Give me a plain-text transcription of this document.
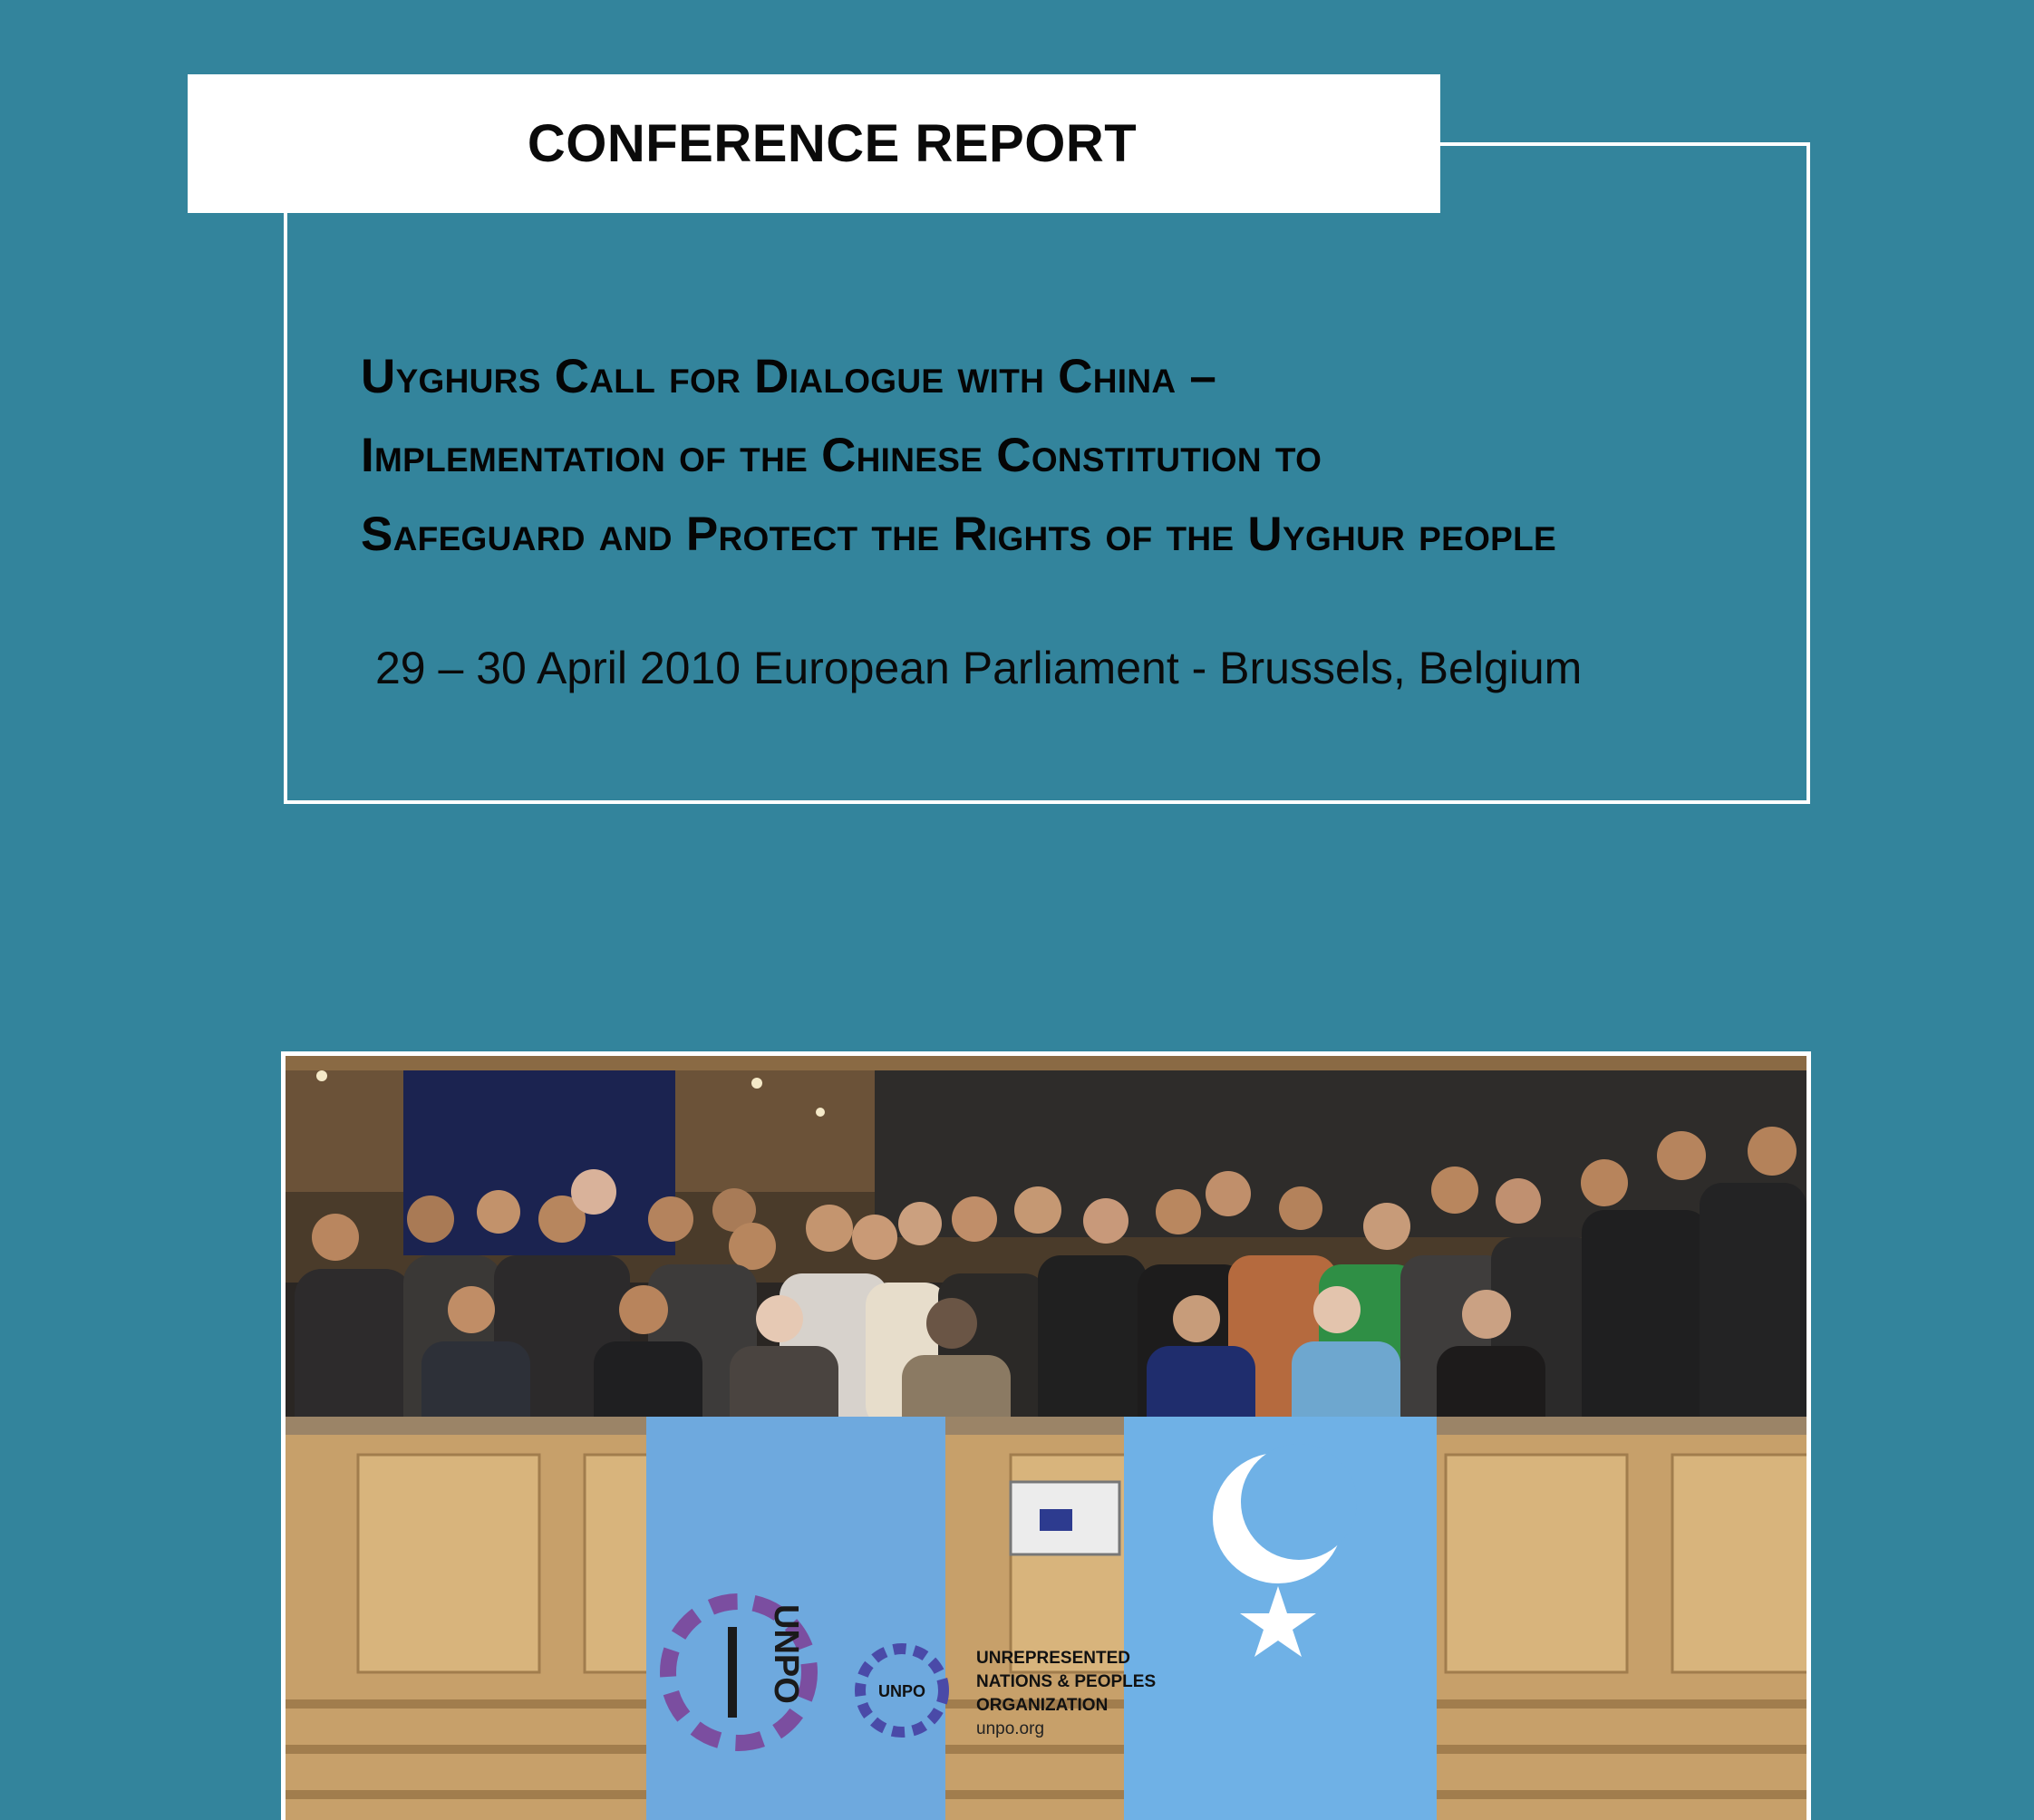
CONFERENCE REPORT
Uyghurs Call for Dialogue with China –
Implementation of the Chinese Constitution to
Safeguard and Protect the Rights of the Uyghur people
29 – 30 April 2010 European Parliament - Brussels, Belgium
UNPO	UNPO
UNREPRESENTED
NATIONS & PEOPLES
ORGANIZATION
unpo.org
